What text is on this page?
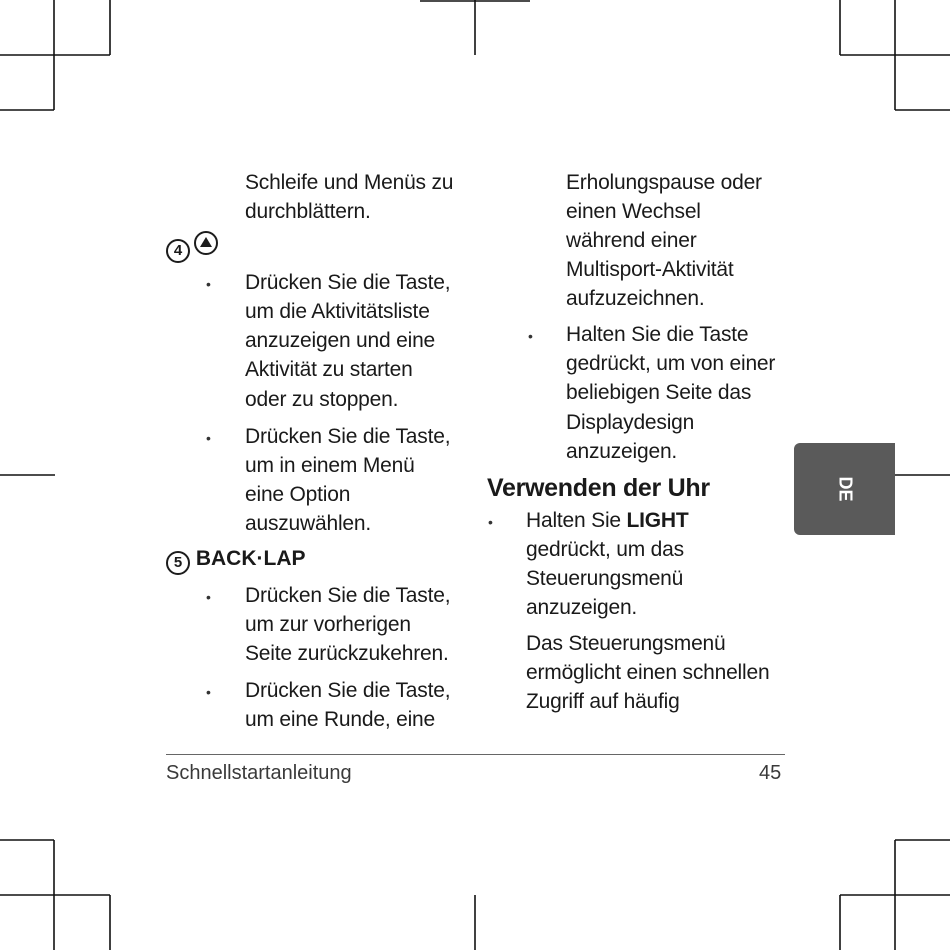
Schleife und Menüs zu

durchblättern.

4
• Drücken Sie die Taste,

um die Aktivitätsliste

anzuzeigen und eine

Aktivität zu starten

oder zu stoppen.

• Drücken Sie die Taste,

um in einem Menü

eine Option

auszuwählen.

5 BACK·LAP
• Drücken Sie die Taste,

um zur vorherigen

Seite zurückzukehren.

• Drücken Sie die Taste,

um eine Runde, eine

Erholungspause oder

einen Wechsel

während einer

Multisport-Aktivität

aufzuzeichnen.

• Halten Sie die Taste

gedrückt, um von einer

beliebigen Seite das

Displaydesign

anzuzeigen.

Verwenden der Uhr
• Halten Sie LIGHT

gedrückt, um das

Steuerungsmenü

anzuzeigen.

Das Steuerungsmenü

ermöglicht einen schnellen

Zugriff auf häufig

DE

Schnellstartanleitung	45
